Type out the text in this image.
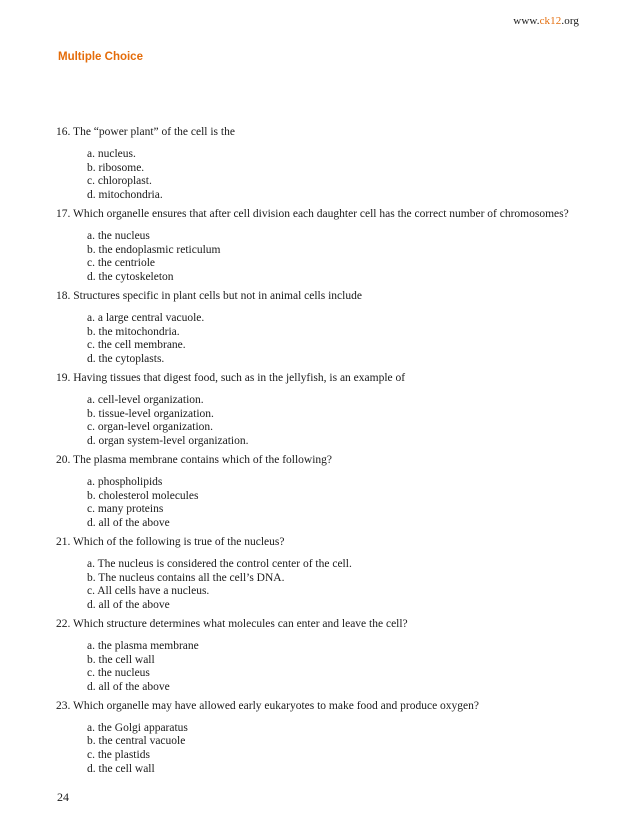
www.ck12.org
Multiple Choice
16. The “power plant” of the cell is the
a. nucleus.
b. ribosome.
c. chloroplast.
d. mitochondria.
17. Which organelle ensures that after cell division each daughter cell has the correct number of chromosomes?
a. the nucleus
b. the endoplasmic reticulum
c. the centriole
d. the cytoskeleton
18. Structures specific in plant cells but not in animal cells include
a. a large central vacuole.
b. the mitochondria.
c. the cell membrane.
d. the cytoplasts.
19. Having tissues that digest food, such as in the jellyfish, is an example of
a. cell-level organization.
b. tissue-level organization.
c. organ-level organization.
d. organ system-level organization.
20. The plasma membrane contains which of the following?
a. phospholipids
b. cholesterol molecules
c. many proteins
d. all of the above
21. Which of the following is true of the nucleus?
a. The nucleus is considered the control center of the cell.
b. The nucleus contains all the cell’s DNA.
c. All cells have a nucleus.
d. all of the above
22. Which structure determines what molecules can enter and leave the cell?
a. the plasma membrane
b. the cell wall
c. the nucleus
d. all of the above
23. Which organelle may have allowed early eukaryotes to make food and produce oxygen?
a. the Golgi apparatus
b. the central vacuole
c. the plastids
d. the cell wall
24
